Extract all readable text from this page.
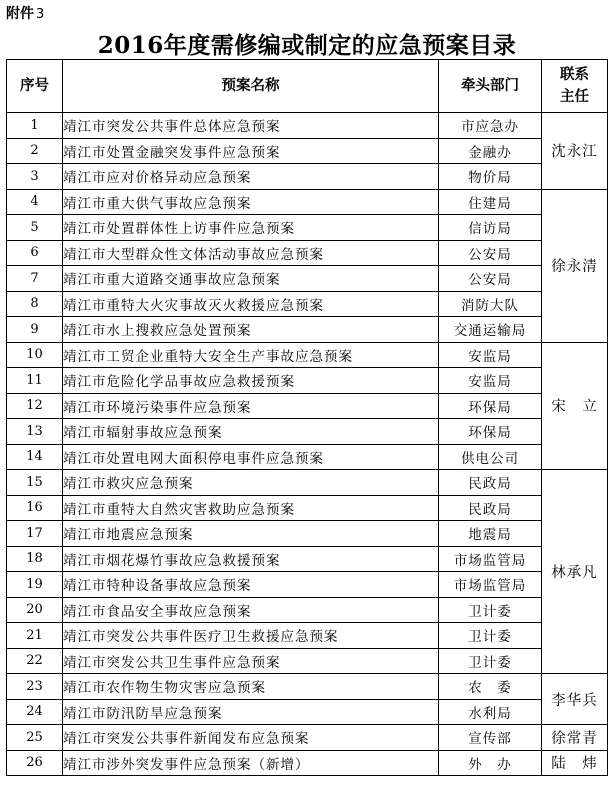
附件 3
2016年度需修编或制定的应急预案目录
序号	预案名称	牵头部门	联系主任
1	靖江市突发公共事件总体应急预案	市应急办	沈永江
2	靖江市处置金融突发事件应急预案	金融办	
3	靖江市应对价格异动应急预案	物价局	
4	靖江市重大供气事故应急预案	住建局	徐永清
5	靖江市处置群体性上访事件应急预案	信访局	
6	靖江市大型群众性文体活动事故应急预案	公安局	
7	靖江市重大道路交通事故应急预案	公安局	
8	靖江市重特大火灾事故灭火救援应急预案	消防大队	
9	靖江市水上搜救应急处置预案	交通运输局	
10	靖江市工贸企业重特大安全生产事故应急预案	安监局	宋　立
11	靖江市危险化学品事故应急救援预案	安监局	
12	靖江市环境污染事件应急预案	环保局	
13	靖江市辐射事故应急预案	环保局	
14	靖江市处置电网大面积停电事件应急预案	供电公司	
15	靖江市救灾应急预案	民政局	林承凡
16	靖江市重特大自然灾害救助应急预案	民政局	
17	靖江市地震应急预案	地震局	
18	靖江市烟花爆竹事故应急救援预案	市场监管局	
19	靖江市特种设备事故应急预案	市场监管局	
20	靖江市食品安全事故应急预案	卫计委	
21	靖江市突发公共事件医疗卫生救援应急预案	卫计委	
22	靖江市突发公共卫生事件应急预案	卫计委	
23	靖江市农作物生物灾害应急预案	农　委	李华兵
24	靖江市防汛防旱应急预案	水利局	
25	靖江市突发公共事件新闻发布应急预案	宣传部	徐常青
26	靖江市涉外突发事件应急预案（新增）	外　办	陆　炜
